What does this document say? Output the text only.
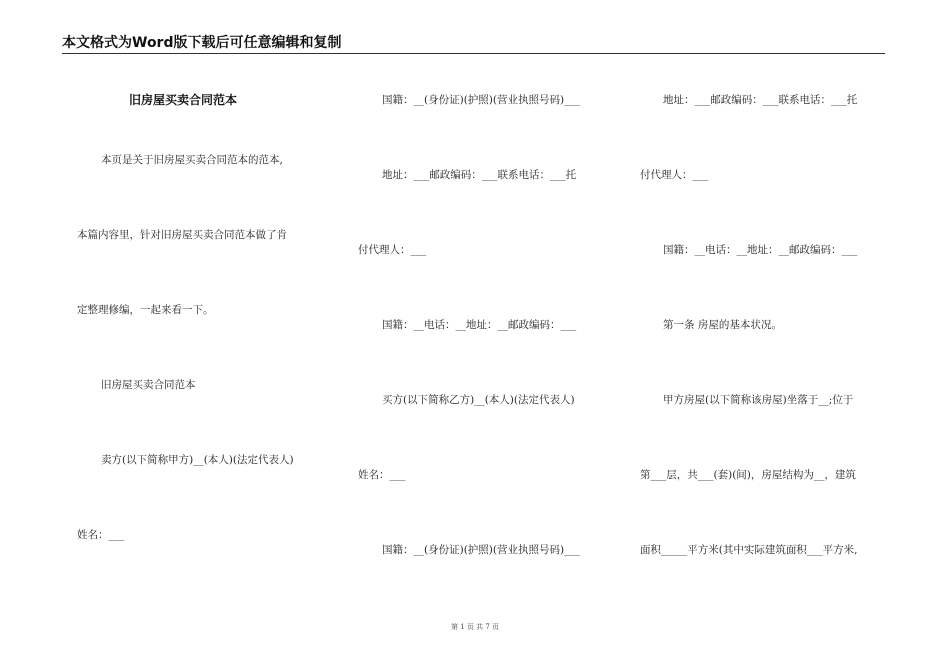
本文格式为Word版下载后可任意编辑和复制
旧房屋买卖合同范本
本页是关于旧房屋买卖合同范本的范本,
本篇内容里，针对旧房屋买卖合同范本做了肯
定整理修编，一起来看一下。
旧房屋买卖合同范本
卖方(以下简称甲方)__(本人)(法定代表人)
姓名：___
国籍：__(身份证)(护照)(营业执照号码)___
地址：___邮政编码：___联系电话：___托
付代理人：___
国籍：__电话：__地址：__邮政编码：___
买方(以下简称乙方)__(本人)(法定代表人)
姓名：___
国籍：__(身份证)(护照)(营业执照号码)___
地址：___邮政编码：___联系电话：___托
付代理人：___
国籍：__电话：__地址：__邮政编码：___
第一条 房屋的基本状况。
甲方房屋(以下简称该房屋)坐落于__;位于
第___层，共___(套)(间)，房屋结构为__，建筑
面积_____平方米(其中实际建筑面积___平方米,
第 1 页 共 7 页
